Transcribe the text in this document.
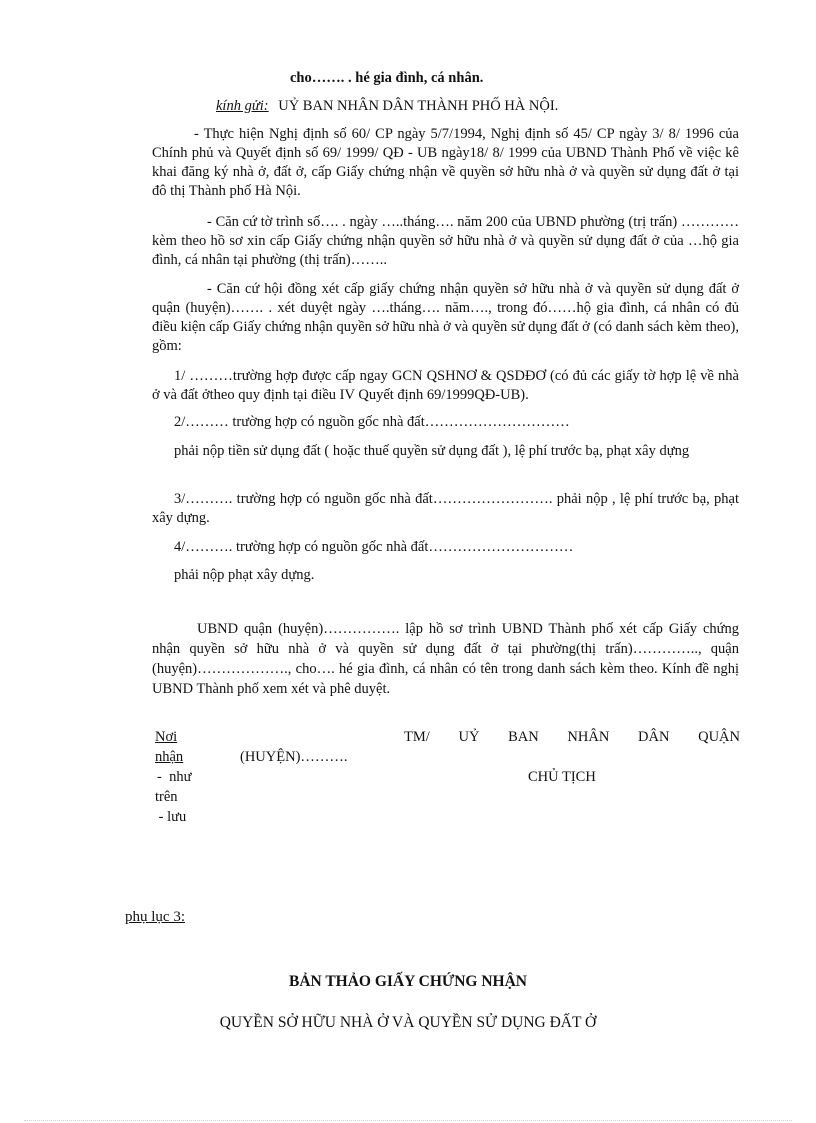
cho……. . hé gia đình, cá nhân.

kính gửi: UỶ BAN NHÂN DÂN THÀNH PHỐ HÀ NỘI.

- Thực hiện Nghị định số 60/ CP ngày 5/7/1994, Nghị định số 45/ CP ngày 3/ 8/ 1996 của Chính phủ và Quyết định số 69/ 1999/ QĐ - UB ngày18/ 8/ 1999 của UBND Thành Phố về việc kê khai đăng ký nhà ở, đất ở, cấp Giấy chứng nhận về quyền sở hữu nhà ở và quyền sử dụng đất ở tại đô thị Thành phố Hà Nội.

- Căn cứ tờ trình số…. . ngày …..tháng…. năm 200 của UBND phường (trị trấn) …………kèm theo hồ sơ xin cấp Giấy chứng nhận quyền sở hữu nhà ở và quyền sử dụng đất ở của …hộ gia đình, cá nhân tại phường (thị trấn)……..

- Căn cứ hội đồng xét cấp giấy chứng nhận quyền sở hữu nhà ở và quyền sử dụng đất ở quận (huyện)……. . xét duyệt ngày ….tháng…. năm…., trong đó……hộ gia đình, cá nhân có đủ điều kiện cấp Giấy chứng nhận quyền sở hữu nhà ở và quyền sử dụng đất ở (có danh sách kèm theo), gồm:

1/ ………trường hợp được cấp ngay GCN QSHNƠ & QSDĐƠ (có đủ các giấy tờ hợp lệ về nhà ở và đất ởtheo quy định tại điều IV Quyết định 69/1999QĐ-UB).

2/……… trường hợp có nguồn gốc nhà đất…………………………

phải nộp tiền sử dụng đất ( hoặc thuế quyền sử dụng đất ), lệ phí trước bạ, phạt xây dựng

3/………. trường hợp có nguồn gốc nhà đất……………………. phải nộp , lệ phí trước bạ, phạt xây dựng.

4/………. trường hợp có nguồn gốc nhà đất…………………………

phải nộp phạt xây dựng.

UBND quận (huyện)……………. lập hồ sơ trình UBND Thành phố xét cấp Giấy chứng nhận quyền sở hữu nhà ở và quyền sử dụng đất ở tại phường(thị trấn)………….., quận (huyện)………………., cho…. hé gia đình, cá nhân có tên trong danh sách kèm theo. Kính đề nghị UBND Thành phố xem xét và phê duyệt.

Nơi
nhận
TM/ UỶ BAN NHÂN DÂN QUẬN
(HUYỆN)……….
CHỦ TỊCH
-  như
trên
- lưu
phụ lục 3:

BẢN THẢO GIẤY CHỨNG NHẬN

QUYỀN SỞ HỮU NHÀ Ở VÀ QUYỀN SỬ DỤNG ĐẤT Ở
